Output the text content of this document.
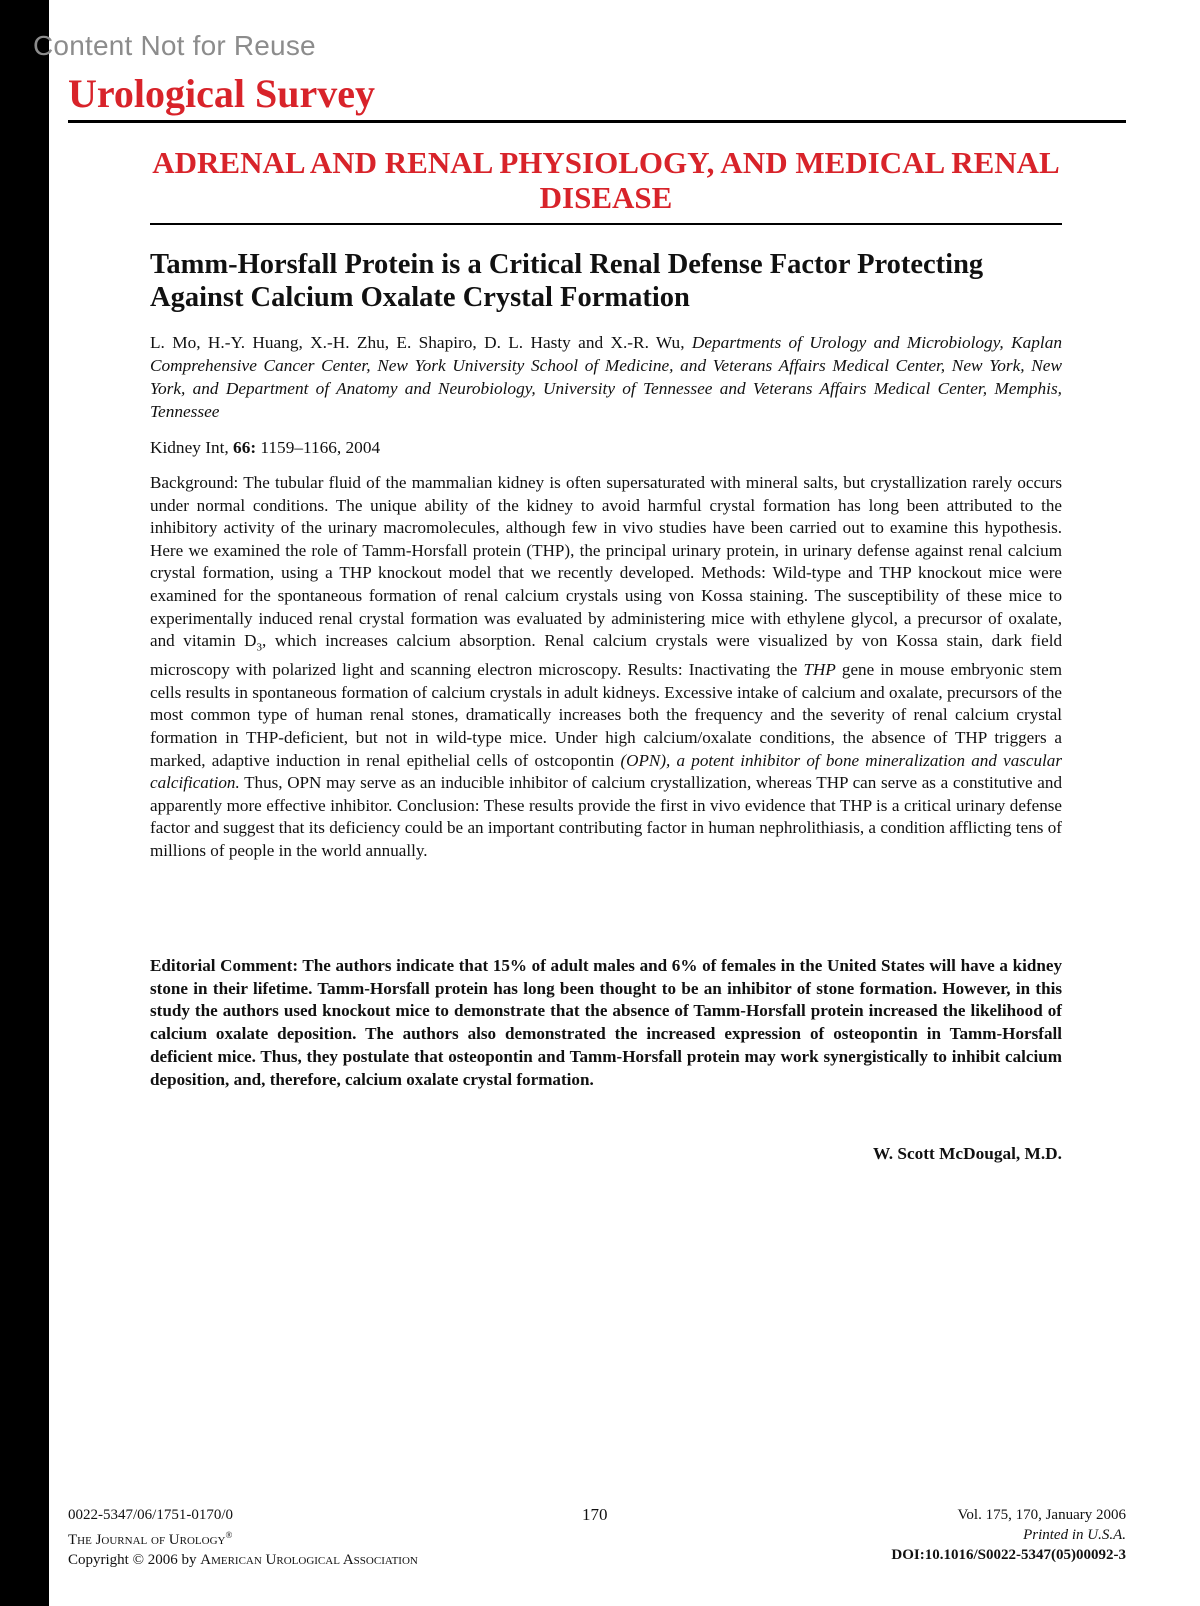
Content Not for Reuse
Urological Survey
ADRENAL AND RENAL PHYSIOLOGY, AND MEDICAL RENAL DISEASE
Tamm-Horsfall Protein is a Critical Renal Defense Factor Protecting Against Calcium Oxalate Crystal Formation
L. Mo, H.-Y. Huang, X.-H. Zhu, E. Shapiro, D. L. Hasty and X.-R. Wu, Departments of Urology and Microbiology, Kaplan Comprehensive Cancer Center, New York University School of Medicine, and Veterans Affairs Medical Center, New York, New York, and Department of Anatomy and Neurobiology, University of Tennessee and Veterans Affairs Medical Center, Memphis, Tennessee
Kidney Int, 66: 1159–1166, 2004
Background: The tubular fluid of the mammalian kidney is often supersaturated with mineral salts, but crystallization rarely occurs under normal conditions. The unique ability of the kidney to avoid harmful crystal formation has long been attributed to the inhibitory activity of the urinary macromolecules, although few in vivo studies have been carried out to examine this hypothesis. Here we examined the role of Tamm-Horsfall protein (THP), the principal urinary protein, in urinary defense against renal calcium crystal formation, using a THP knockout model that we recently developed. Methods: Wild-type and THP knockout mice were examined for the spontaneous formation of renal calcium crystals using von Kossa staining. The susceptibility of these mice to experimentally induced renal crystal formation was evaluated by administering mice with ethylene glycol, a precursor of oxalate, and vitamin $D_3$, which increases calcium absorption. Renal calcium crystals were visualized by von Kossa stain, dark field microscopy with polarized light and scanning electron microscopy. Results: Inactivating the THP gene in mouse embryonic stem cells results in spontaneous formation of calcium crystals in adult kidneys. Excessive intake of calcium and oxalate, precursors of the most common type of human renal stones, dramatically increases both the frequency and the severity of renal calcium crystal formation in THP-deficient, but not in wild-type mice. Under high calcium/oxalate conditions, the absence of THP triggers a marked, adaptive induction in renal epithelial cells of ostcopontin (OPN), a potent inhibitor of bone mineralization and vascular calcification. Thus, OPN may serve as an inducible inhibitor of calcium crystallization, whereas THP can serve as a constitutive and apparently more effective inhibitor. Conclusion: These results provide the first in vivo evidence that THP is a critical urinary defense factor and suggest that its deficiency could be an important contributing factor in human nephrolithiasis, a condition afflicting tens of millions of people in the world annually.
Editorial Comment: The authors indicate that 15% of adult males and 6% of females in the United States will have a kidney stone in their lifetime. Tamm-Horsfall protein has long been thought to be an inhibitor of stone formation. However, in this study the authors used knockout mice to demonstrate that the absence of Tamm-Horsfall protein increased the likelihood of calcium oxalate deposition. The authors also demonstrated the increased expression of osteopontin in Tamm-Horsfall deficient mice. Thus, they postulate that osteopontin and Tamm-Horsfall protein may work synergistically to inhibit calcium deposition, and, therefore, calcium oxalate crystal formation.
W. Scott McDougal, M.D.
0022-5347/06/1751-0170/0
The Journal of Urology®
Copyright © 2006 by American Urological Association
170	Vol. 175, 170, January 2006
Printed in U.S.A.
DOI:10.1016/S0022-5347(05)00092-3
